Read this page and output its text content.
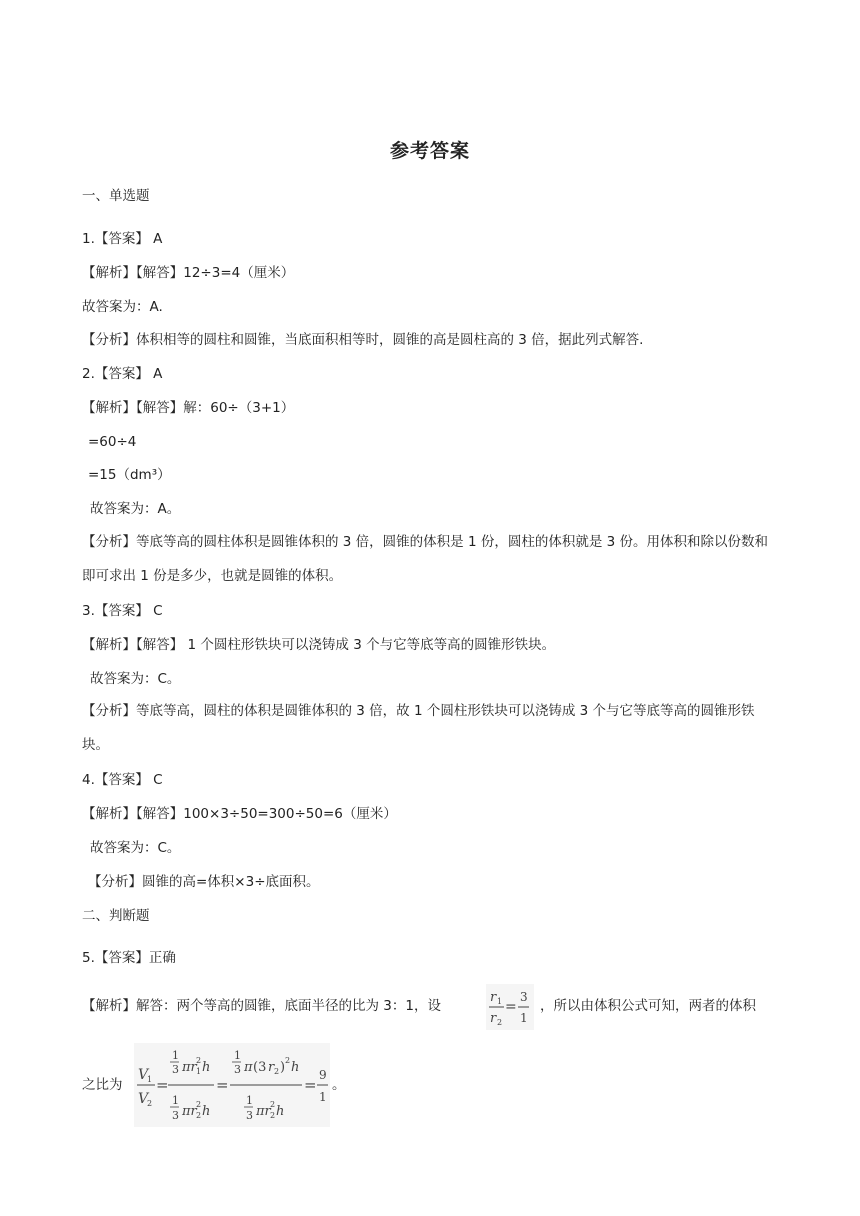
参考答案
一、单选题
1.【答案】 A
【解析】【解答】12÷3=4（厘米）
故答案为：A.
【分析】体积相等的圆柱和圆锥，当底面积相等时，圆锥的高是圆柱高的 3 倍，据此列式解答.
2.【答案】 A
【解析】【解答】解：60÷（3+1）
=60÷4
=15（dm³）
故答案为：A。
【分析】等底等高的圆柱体积是圆锥体积的 3 倍，圆锥的体积是 1 份，圆柱的体积就是 3 份。用体积和除以份数和即可求出 1 份是多少，也就是圆锥的体积。
3.【答案】 C
【解析】【解答】 1 个圆柱形铁块可以浇铸成 3 个与它等底等高的圆锥形铁块。
故答案为：C。
【分析】等底等高，圆柱的体积是圆锥体积的 3 倍，故 1 个圆柱形铁块可以浇铸成 3 个与它等底等高的圆锥形铁块。
4.【答案】 C
【解析】【解答】100×3÷50=300÷50=6（厘米）
故答案为：C。
【分析】圆锥的高=体积×3÷底面积。
二、判断题
5.【答案】正确
【解析】解答：两个等高的圆锥，底面半径的比为 3：1，设
r 1
r 2
=
3
1
，所以由体积公式可知，两者的体积
之比为
V
1
V
2
=
1
3 πr 1
2 h
1
3 πr 2
2 h
=
1
3 π (3 r 2 ) 2 h
1
3 πr 2
2 h
=
9
1
。
